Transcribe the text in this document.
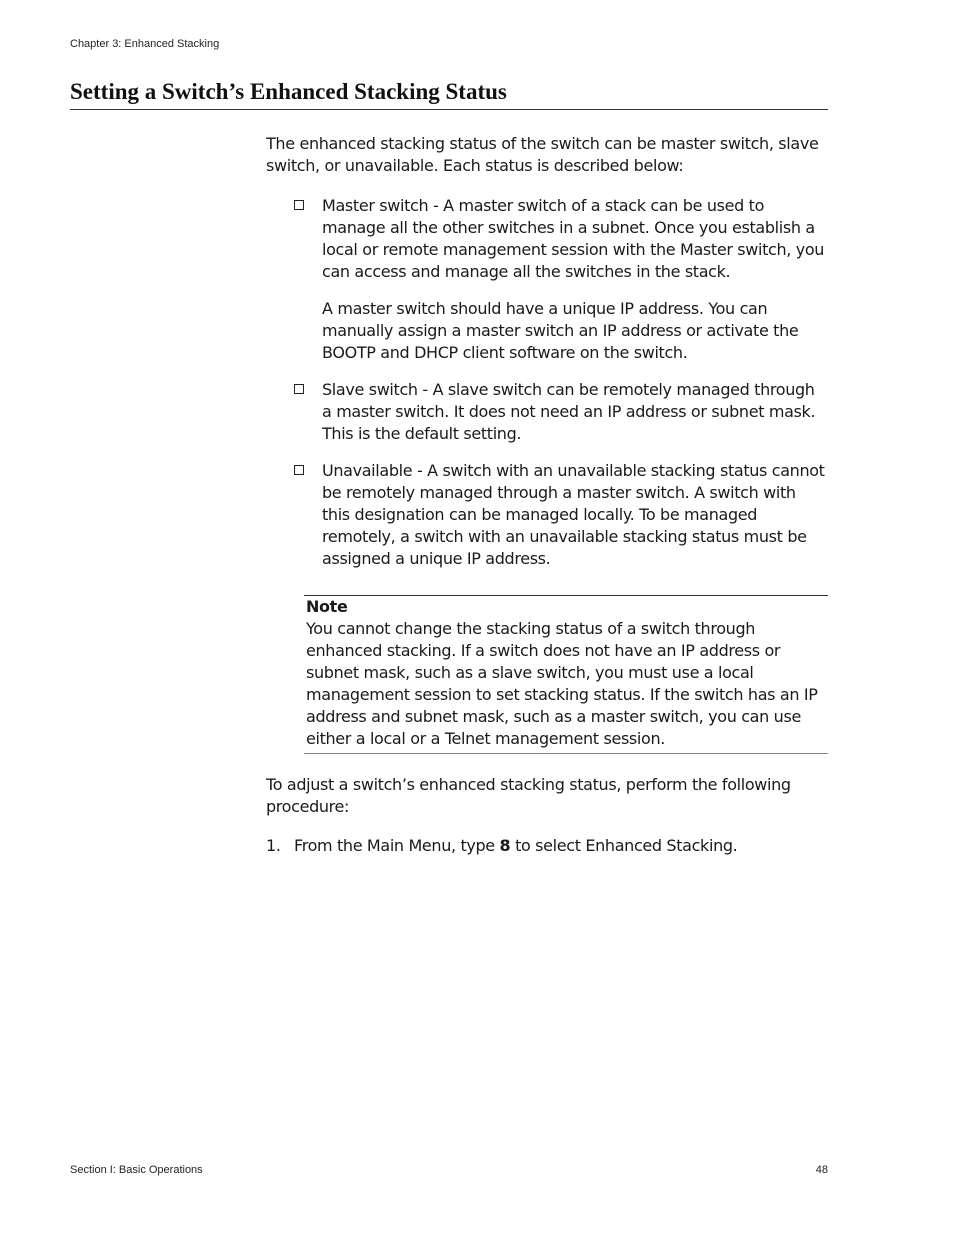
Chapter 3: Enhanced Stacking
Setting a Switch’s Enhanced Stacking Status

The enhanced stacking status of the switch can be master switch, slave switch, or unavailable. Each status is described below:

Master switch - A master switch of a stack can be used to manage all the other switches in a subnet. Once you establish a local or remote management session with the Master switch, you can access and manage all the switches in the stack.

A master switch should have a unique IP address. You can manually assign a master switch an IP address or activate the BOOTP and DHCP client software on the switch.

Slave switch - A slave switch can be remotely managed through a master switch. It does not need an IP address or subnet mask. This is the default setting.
Unavailable - A switch with an unavailable stacking status cannot be remotely managed through a master switch. A switch with this designation can be managed locally. To be managed remotely, a switch with an unavailable stacking status must be assigned a unique IP address.
Note
You cannot change the stacking status of a switch through enhanced stacking. If a switch does not have an IP address or subnet mask, such as a slave switch, you must use a local management session to set stacking status. If the switch has an IP address and subnet mask, such as a master switch, you can use either a local or a Telnet management session.

To adjust a switch’s enhanced stacking status, perform the following procedure:

1. From the Main Menu, type 8 to select Enhanced Stacking.
Section I: Basic Operations	48
